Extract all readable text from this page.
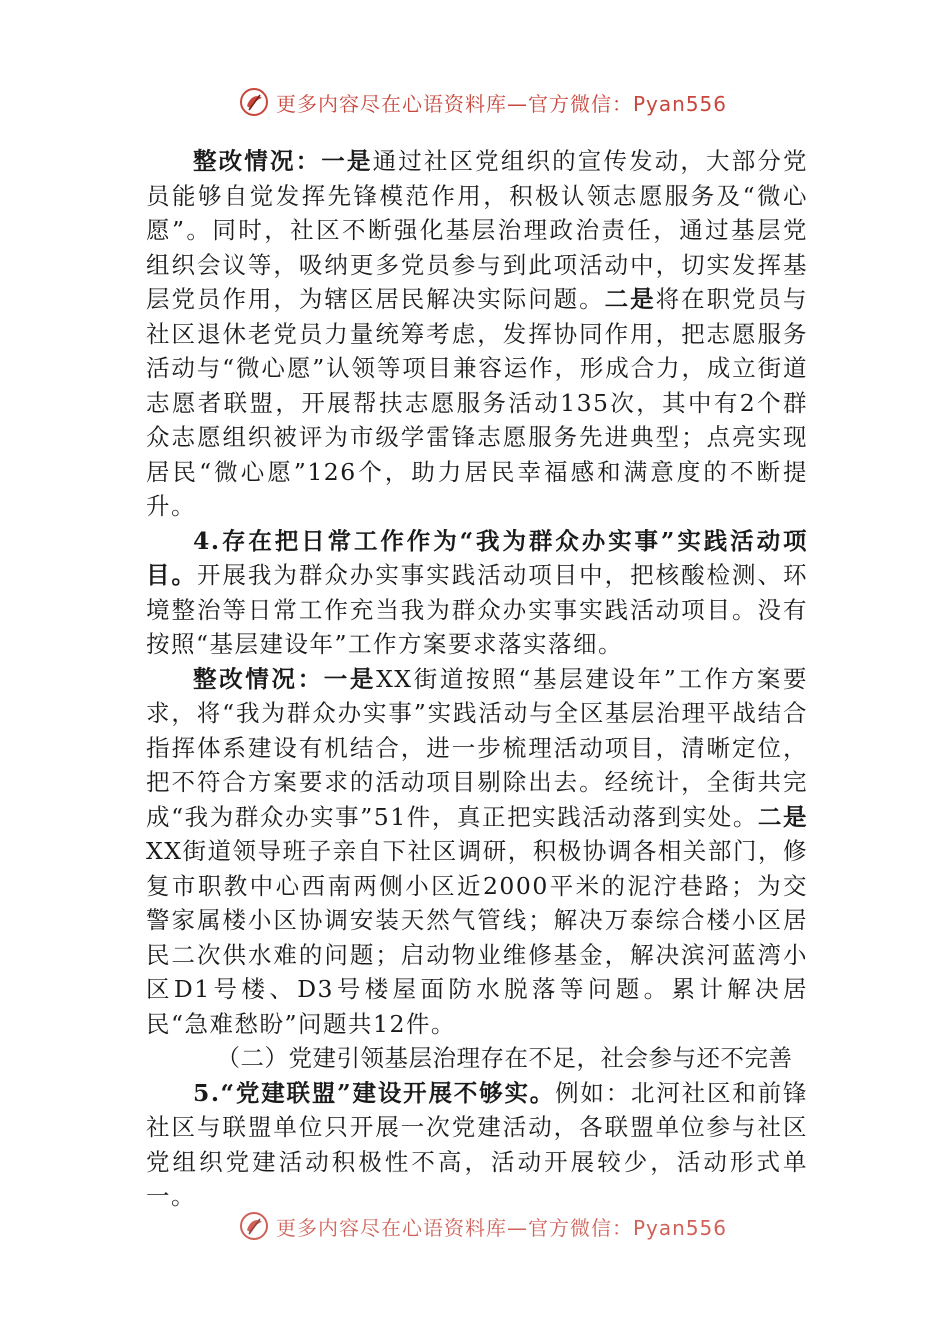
更多内容尽在心语资料库—官方微信：Pyan556

整改情况：一是通过社区党组织的宣传发动，大部分党员能够自觉发挥先锋模范作用，积极认领志愿服务及“微心愿”。同时，社区不断强化基层治理政治责任，通过基层党组织会议等，吸纳更多党员参与到此项活动中，切实发挥基层党员作用，为辖区居民解决实际问题。二是将在职党员与社区退休老党员力量统筹考虑，发挥协同作用，把志愿服务活动与“微心愿”认领等项目兼容运作，形成合力，成立街道志愿者联盟，开展帮扶志愿服务活动135次，其中有2个群众志愿组织被评为市级学雷锋志愿服务先进典型；点亮实现居民“微心愿”126个，助力居民幸福感和满意度的不断提升。

4.存在把日常工作作为“我为群众办实事”实践活动项目。开展我为群众办实事实践活动项目中，把核酸检测、环境整治等日常工作充当我为群众办实事实践活动项目。没有按照“基层建设年”工作方案要求落实落细。

整改情况：一是XX街道按照“基层建设年”工作方案要求，将“我为群众办实事”实践活动与全区基层治理平战结合指挥体系建设有机结合，进一步梳理活动项目，清晰定位，把不符合方案要求的活动项目剔除出去。经统计，全街共完成“我为群众办实事”51件，真正把实践活动落到实处。二是XX街道领导班子亲自下社区调研，积极协调各相关部门，修复市职教中心西南两侧小区近2000平米的泥泞巷路；为交警家属楼小区协调安装天然气管线；解决万泰综合楼小区居民二次供水难的问题；启动物业维修基金，解决滨河蓝湾小区D1号楼、D3号楼屋面防水脱落等问题。累计解决居民“急难愁盼”问题共12件。

（二）党建引领基层治理存在不足，社会参与还不完善

5.“党建联盟”建设开展不够实。例如：北河社区和前锋社区与联盟单位只开展一次党建活动，各联盟单位参与社区党组织党建活动积极性不高，活动开展较少，活动形式单一。

更多内容尽在心语资料库—官方微信：Pyan556
